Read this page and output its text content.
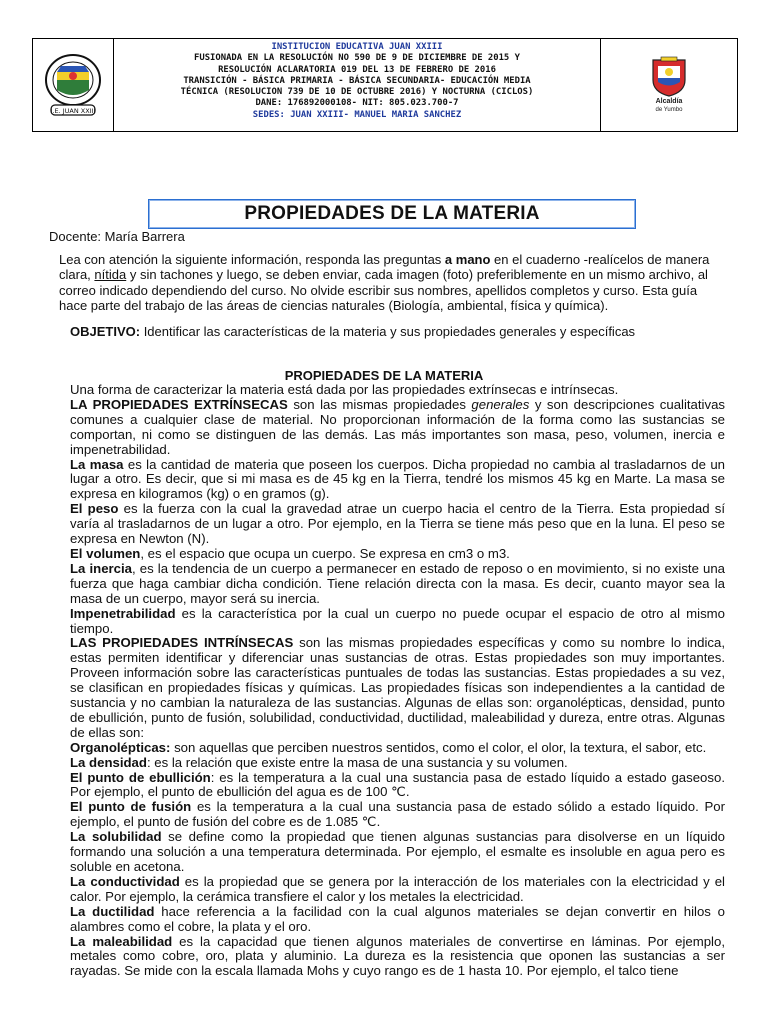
I.E. JUAN XXIII
INSTITUCION EDUCATIVA JUAN XXIII
FUSIONADA EN LA RESOLUCIÓN NO 590 DE 9 DE DICIEMBRE DE 2015 Y
RESOLUCIÓN ACLARATORIA 019 DEL 13 DE FEBRERO DE 2016
TRANSICIÓN - BÁSICA PRIMARIA - BÁSICA SECUNDARIA- EDUCACIÓN MEDIA
TÉCNICA (RESOLUCION 739 DE 10 DE OCTUBRE 2016) Y NOCTURNA (CICLOS)
DANE: 176892000108- NIT: 805.023.700-7
SEDES: JUAN XXIII- MANUEL MARIA SANCHEZ
Alcaldía
de Yumbo
PROPIEDADES DE LA MATERIA
Docente: María Barrera

Lea con atención la siguiente información, responda las preguntas a mano en el cuaderno -realícelos de manera clara, nítida y sin tachones y luego, se deben enviar, cada imagen (foto) preferiblemente en un mismo archivo, al correo indicado dependiendo del curso. No olvide escribir sus nombres, apellidos completos y curso. Esta guía hace parte del trabajo de las áreas de ciencias naturales (Biología, ambiental, física y química).

OBJETIVO: Identificar las características de la materia y sus propiedades generales y específicas

PROPIEDADES DE LA MATERIA

Una forma de caracterizar la materia está dada por las propiedades extrínsecas e intrínsecas.

LA PROPIEDADES EXTRÍNSECAS son las mismas propiedades generales y son descripciones cualitativas comunes a cualquier clase de material. No proporcionan información de la forma como las sustancias se comportan, ni como se distinguen de las demás. Las más importantes son masa, peso, volumen, inercia e impenetrabilidad.

La masa es la cantidad de materia que poseen los cuerpos. Dicha propiedad no cambia al trasladarnos de un lugar a otro. Es decir, que si mi masa es de 45 kg en la Tierra, tendré los mismos 45 kg en Marte. La masa se expresa en kilogramos (kg) o en gramos (g).

El peso es la fuerza con la cual la gravedad atrae un cuerpo hacia el centro de la Tierra. Esta propiedad sí varía al trasladarnos de un lugar a otro. Por ejemplo, en la Tierra se tiene más peso que en la luna. El peso se expresa en Newton (N).

El volumen, es el espacio que ocupa un cuerpo. Se expresa en cm3 o m3.

La inercia, es la tendencia de un cuerpo a permanecer en estado de reposo o en movimiento, si no existe una fuerza que haga cambiar dicha condición. Tiene relación directa con la masa. Es decir, cuanto mayor sea la masa de un cuerpo, mayor será su inercia.

Impenetrabilidad es la característica por la cual un cuerpo no puede ocupar el espacio de otro al mismo tiempo.

LAS PROPIEDADES INTRÍNSECAS son las mismas propiedades específicas y como su nombre lo indica, estas permiten identificar y diferenciar unas sustancias de otras. Estas propiedades son muy importantes. Proveen información sobre las características puntuales de todas las sustancias. Estas propiedades a su vez, se clasifican en propiedades físicas y químicas. Las propiedades físicas son independientes a la cantidad de sustancia y no cambian la naturaleza de las sustancias. Algunas de ellas son: organolépticas, densidad, punto de ebullición, punto de fusión, solubilidad, conductividad, ductilidad, maleabilidad y dureza, entre otras. Algunas de ellas son:

Organolépticas: son aquellas que perciben nuestros sentidos, como el color, el olor, la textura, el sabor, etc.

La densidad: es la relación que existe entre la masa de una sustancia y su volumen.

El punto de ebullición: es la temperatura a la cual una sustancia pasa de estado líquido a estado gaseoso. Por ejemplo, el punto de ebullición del agua es de 100 ℃.

El punto de fusión es la temperatura a la cual una sustancia pasa de estado sólido a estado líquido. Por ejemplo, el punto de fusión del cobre es de 1.085 ℃.

La solubilidad se define como la propiedad que tienen algunas sustancias para disolverse en un líquido formando una solución a una temperatura determinada. Por ejemplo, el esmalte es insoluble en agua pero es soluble en acetona.

La conductividad es la propiedad que se genera por la interacción de los materiales con la electricidad y el calor. Por ejemplo, la cerámica transfiere el calor y los metales la electricidad.

La ductilidad hace referencia a la facilidad con la cual algunos materiales se dejan convertir en hilos o alambres como el cobre, la plata y el oro.

La maleabilidad es la capacidad que tienen algunos materiales de convertirse en láminas. Por ejemplo, metales como cobre, oro, plata y aluminio. La dureza es la resistencia que oponen las sustancias a ser rayadas. Se mide con la escala llamada Mohs y cuyo rango es de 1 hasta 10. Por ejemplo, el talco tiene
